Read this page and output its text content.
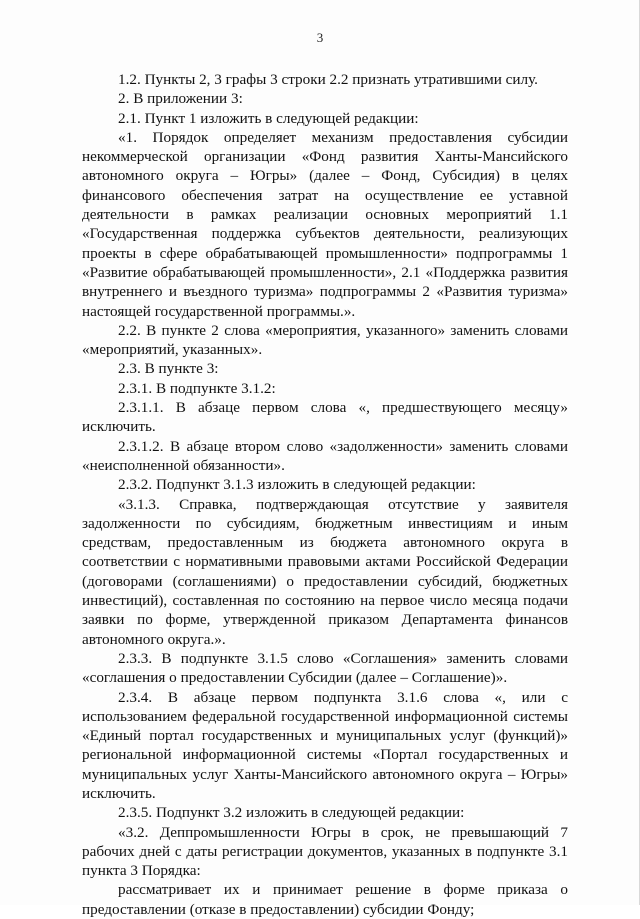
3

1.2. Пункты 2, 3 графы 3 строки 2.2 признать утратившими силу.

2. В приложении 3:

2.1. Пункт 1 изложить в следующей редакции:

«1. Порядок определяет механизм предоставления субсидии некоммерческой организации «Фонд развития Ханты-Мансийского автономного округа – Югры» (далее – Фонд, Субсидия) в целях финансового обеспечения затрат на осуществление ее уставной деятельности в рамках реализации основных мероприятий 1.1 «Государственная поддержка субъектов деятельности, реализующих проекты в сфере обрабатывающей промышленности» подпрограммы 1 «Развитие обрабатывающей промышленности», 2.1 «Поддержка развития внутреннего и въездного туризма» подпрограммы 2 «Развития туризма» настоящей государственной программы.».

2.2. В пункте 2 слова «мероприятия, указанного» заменить словами «мероприятий, указанных».

2.3. В пункте 3:

2.3.1. В подпункте 3.1.2:

2.3.1.1. В абзаце первом слова «, предшествующего месяцу» исключить.

2.3.1.2. В абзаце втором слово «задолженности» заменить словами «неисполненной обязанности».

2.3.2. Подпункт 3.1.3 изложить в следующей редакции:

«3.1.3. Справка, подтверждающая отсутствие у заявителя задолженности по субсидиям, бюджетным инвестициям и иным средствам, предоставленным из бюджета автономного округа в соответствии с нормативными правовыми актами Российской Федерации (договорами (соглашениями) о предоставлении субсидий, бюджетных инвестиций), составленная по состоянию на первое число месяца подачи заявки по форме, утвержденной приказом Департамента финансов автономного округа.».

2.3.3. В подпункте 3.1.5 слово «Соглашения» заменить словами «соглашения о предоставлении Субсидии (далее – Соглашение)».

2.3.4. В абзаце первом подпункта 3.1.6 слова «, или с использованием федеральной государственной информационной системы «Единый портал государственных и муниципальных услуг (функций)» региональной информационной системы «Портал государственных и муниципальных услуг Ханты-Мансийского автономного округа – Югры» исключить.

2.3.5. Подпункт 3.2 изложить в следующей редакции:

«3.2. Деппромышленности Югры в срок, не превышающий 7 рабочих дней с даты регистрации документов, указанных в подпункте 3.1 пункта 3 Порядка:

рассматривает их и принимает решение в форме приказа о предоставлении (отказе в предоставлении) субсидии Фонду;
